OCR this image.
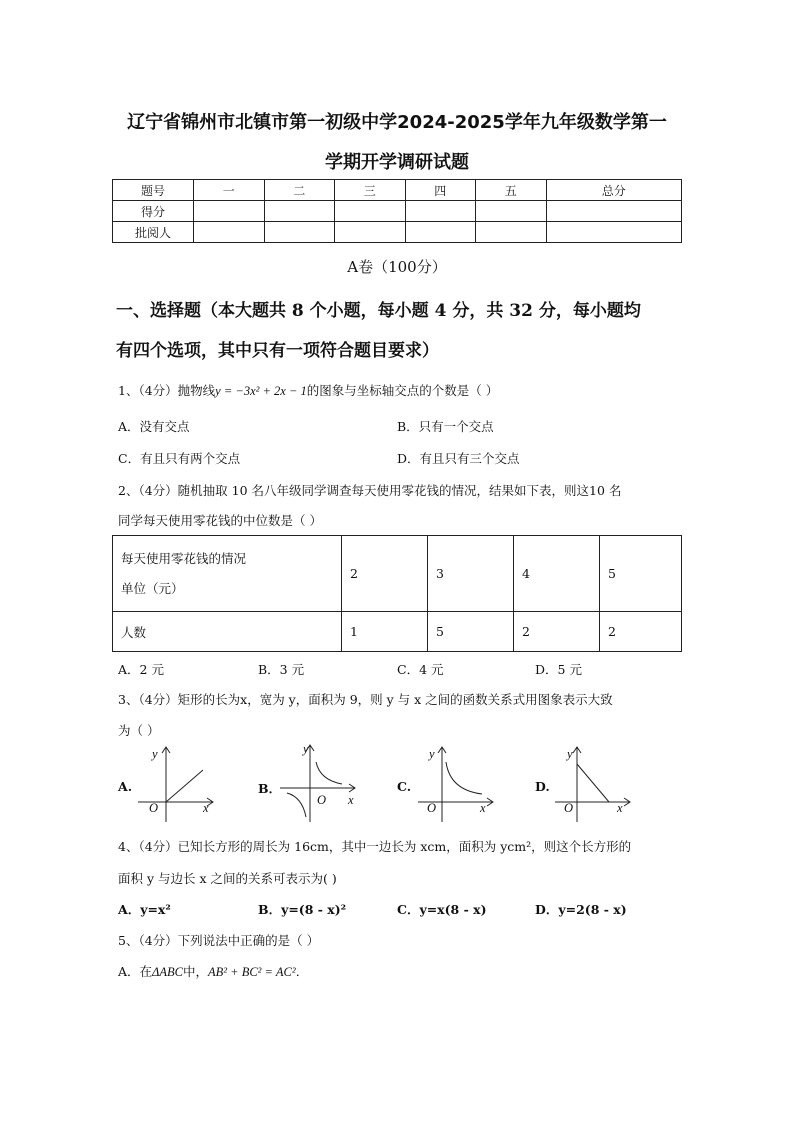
辽宁省锦州市北镇市第一初级中学2024-2025学年九年级数学第一
学期开学调研试题
题号	一	二	三	四	五	总分
得分						
批阅人						
A卷（100分）
一、选择题（本大题共 8 个小题，每小题 4 分，共 32 分，每小题均
有四个选项，其中只有一项符合题目要求）
1、（4分）抛物线y = −3x² + 2x − 1的图象与坐标轴交点的个数是（ ）
A．没有交点	B．只有一个交点
C．有且只有两个交点	D．有且只有三个交点
2、（4分）随机抽取 10 名八年级同学调查每天使用零花钱的情况，结果如下表，则这10 名
同学每天使用零花钱的中位数是（ ）
每天使用零花钱的情况
单位（元）	2	3	4	5
人数	1	5	2	2
A．2 元	B．3 元	C．4 元	D．5 元
3、（4分）矩形的长为x，宽为 y，面积为 9，则 y 与 x 之间的函数关系式用图象表示大致
为（ ）
A.	B．	C.	D.
y
O	x
y
O x
y
O	x
y
O	x
4、（4分）已知长方形的周长为 16cm，其中一边长为 xcm，面积为 ycm²，则这个长方形的
面积 y 与边长 x 之间的关系可表示为( )
A．y=x²	B．y=(8 - x)²	C．y=x(8 - x)	D．y=2(8 - x)
5、（4分）下列说法中正确的是（ ）
A．在ΔABC中，AB² + BC² = AC²．
